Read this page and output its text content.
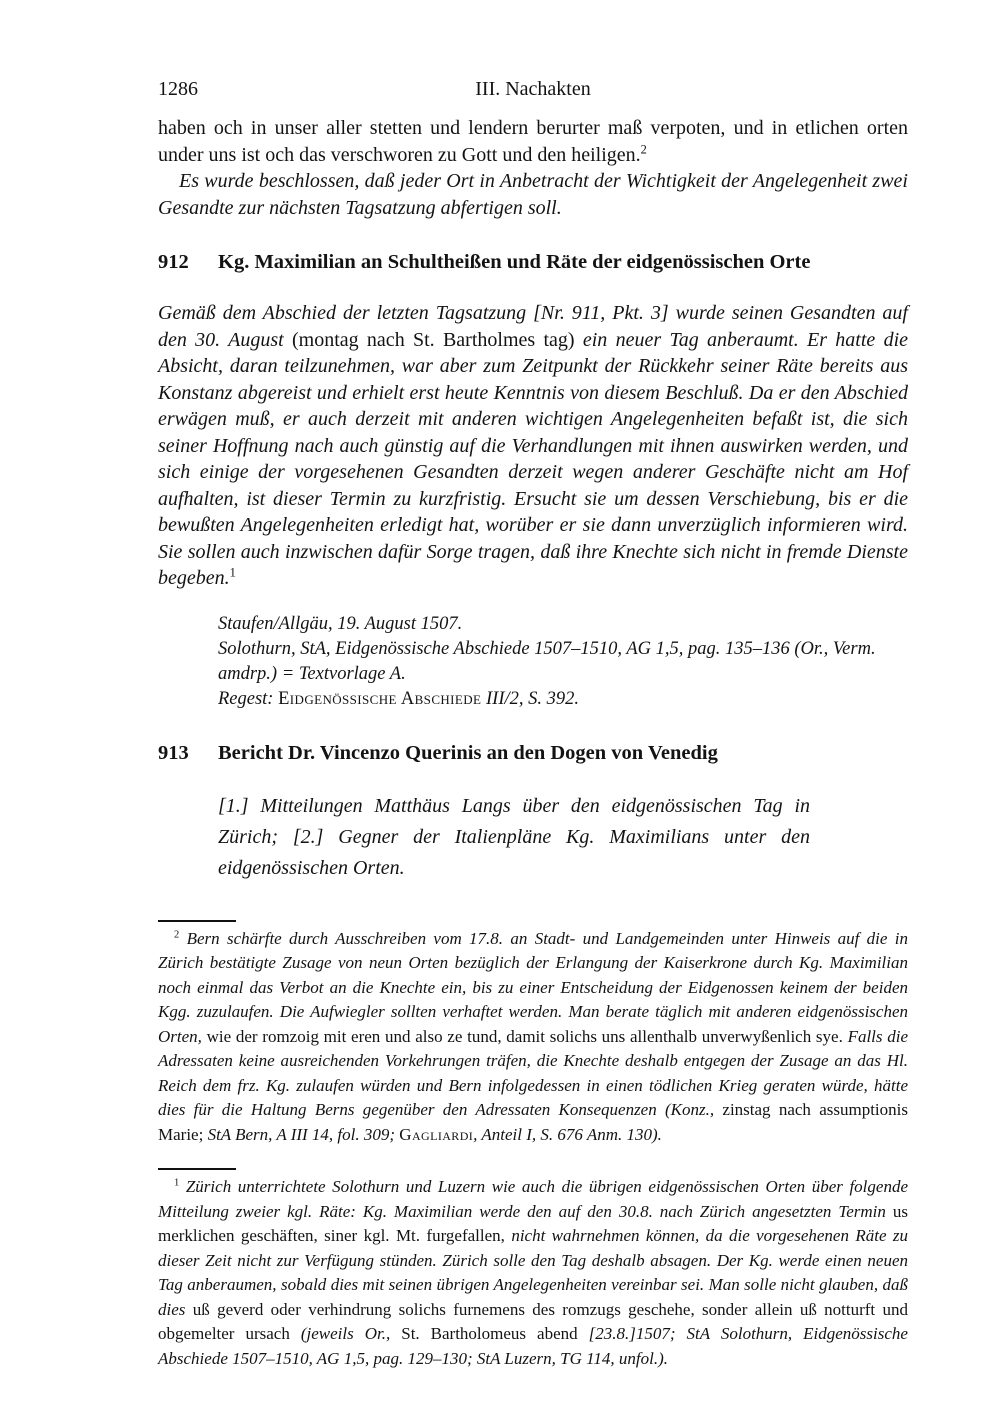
1286	III. Nachakten

haben och in unser aller stetten und lendern berurter maß verpoten, und in etlichen orten under uns ist och das verschworen zu Gott und den heiligen.$^2$

Es wurde beschlossen, daß jeder Ort in Anbetracht der Wichtigkeit der Angelegenheit zwei Gesandte zur nächsten Tagsatzung abfertigen soll.

912 Kg. Maximilian an Schultheißen und Räte der eidgenössischen Orte

Gemäß dem Abschied der letzten Tagsatzung [Nr. 911, Pkt. 3] wurde seinen Gesandten auf den 30. August (montag nach St. Bartholmes tag) ein neuer Tag anberaumt. Er hatte die Absicht, daran teilzunehmen, war aber zum Zeitpunkt der Rückkehr seiner Räte bereits aus Konstanz abgereist und erhielt erst heute Kenntnis von diesem Beschluß. Da er den Abschied erwägen muß, er auch derzeit mit anderen wichtigen Angelegenheiten befaßt ist, die sich seiner Hoffnung nach auch günstig auf die Verhandlungen mit ihnen auswirken werden, und sich einige der vorgesehenen Gesandten derzeit wegen anderer Geschäfte nicht am Hof aufhalten, ist dieser Termin zu kurzfristig. Ersucht sie um dessen Verschiebung, bis er die bewußten Angelegenheiten erledigt hat, worüber er sie dann unverzüglich informieren wird. Sie sollen auch inzwischen dafür Sorge tragen, daß ihre Knechte sich nicht in fremde Dienste begeben.$^1$

Staufen/Allgäu, 19. August 1507.

Solothurn, StA, Eidgenössische Abschiede 1507–1510, AG 1,5, pag. 135–136 (Or., Verm. amdrp.) = Textvorlage A.

Regest: Eidgenössische Abschiede III/2, S. 392.

913 Bericht Dr. Vincenzo Querinis an den Dogen von Venedig

[1.] Mitteilungen Matthäus Langs über den eidgenössischen Tag in Zürich; [2.] Gegner der Italienpläne Kg. Maximilians unter den eidgenössischen Orten.

$^2$ Bern schärfte durch Ausschreiben vom 17.8. an Stadt- und Landgemeinden unter Hinweis auf die in Zürich bestätigte Zusage von neun Orten bezüglich der Erlangung der Kaiserkrone durch Kg. Maximilian noch einmal das Verbot an die Knechte ein, bis zu einer Entscheidung der Eidgenossen keinem der beiden Kgg. zuzulaufen. Die Aufwiegler sollten verhaftet werden. Man berate täglich mit anderen eidgenössischen Orten, wie der romzoig mit eren und also ze tund, damit solichs uns allenthalb unverwyßenlich sye. Falls die Adressaten keine ausreichenden Vorkehrungen träfen, die Knechte deshalb entgegen der Zusage an das Hl. Reich dem frz. Kg. zulaufen würden und Bern infolgedessen in einen tödlichen Krieg geraten würde, hätte dies für die Haltung Berns gegenüber den Adressaten Konsequenzen (Konz., zinstag nach assumptionis Marie; StA Bern, A III 14, fol. 309; Gagliardi, Anteil I, S. 676 Anm. 130).

$^1$ Zürich unterrichtete Solothurn und Luzern wie auch die übrigen eidgenössischen Orten über folgende Mitteilung zweier kgl. Räte: Kg. Maximilian werde den auf den 30.8. nach Zürich angesetzten Termin us merklichen geschäften, siner kgl. Mt. furgefallen, nicht wahrnehmen können, da die vorgesehenen Räte zu dieser Zeit nicht zur Verfügung stünden. Zürich solle den Tag deshalb absagen. Der Kg. werde einen neuen Tag anberaumen, sobald dies mit seinen übrigen Angelegenheiten vereinbar sei. Man solle nicht glauben, daß dies uß geverd oder verhindrung solichs furnemens des romzugs geschehe, sonder allein uß notturft und obgemelter ursach (jeweils Or., St. Bartholomeus abend [23.8.]1507; StA Solothurn, Eidgenössische Abschiede 1507–1510, AG 1,5, pag. 129–130; StA Luzern, TG 114, unfol.).
